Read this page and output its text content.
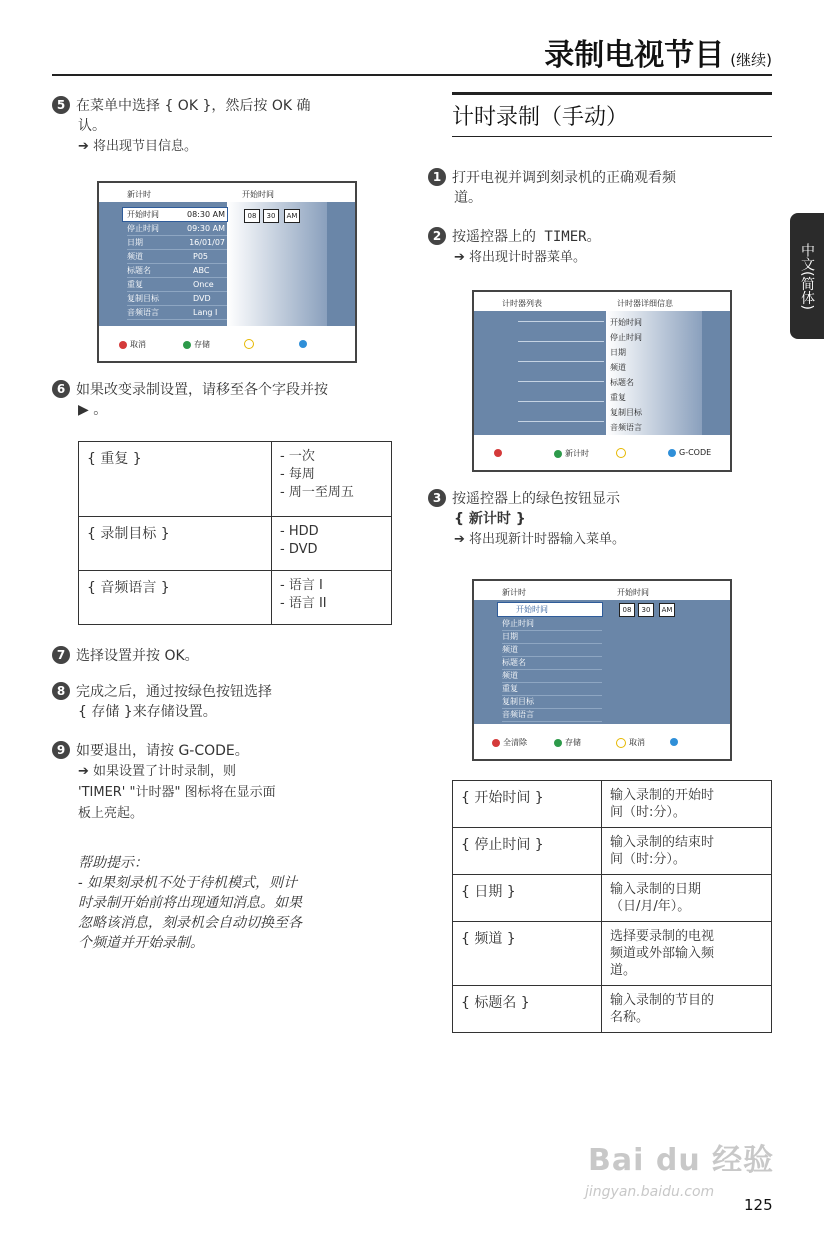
录制电视节目 (继续)
中文(简体)
5 在菜单中选择 { OK }，然后按 OK 确
认。
➔ 将出现节目信息。
新计时	开始时间
开始时间	08:30 AM
停止时间	09:30 AM
日期	16/01/07
频道	P05
标题名	ABC
重复	Once
复制目标	DVD
音频语言	Lang I
08	30	AM
取消	存储
6 如果改变录制设置，请移至各个字段并按
▶ 。
{ 重复 }	- 一次
- 每周
- 周一至周五

{ 录制目标 }	- HDD
- DVD

{ 音频语言 }	- 语言 I
- 语言 II
7 选择设置并按 OK。
8 完成之后，通过按绿色按钮选择
{ 存储 }来存储设置。
9 如要退出，请按 G-CODE。
➔ 如果设置了计时录制，则
'TIMER' "计时器" 图标将在显示面
板上亮起。
帮助提示：
- 如果刻录机不处于待机模式，则计
时录制开始前将出现通知消息。如果
忽略该消息，刻录机会自动切换至各
个频道并开始录制。
计时录制（手动）
1 打开电视并调到刻录机的正确观看频
道。
2 按遥控器上的 TIMER。
➔ 将出现计时器菜单。
计时器列表	计时器详细信息
开始时间
停止时间
日期
频道
标题名
重复
复制目标
音频语言
新计时	G-CODE
3 按遥控器上的绿色按钮显示
{ 新计时 }
➔ 将出现新计时器输入菜单。
新计时	开始时间
开始时间
停止时间
日期
频道
标题名
频道
重复
复制目标
音频语言
08	30	AM
全清除	存储	取消
{ 开始时间 }	输入录制的开始时
间（时:分）。

{ 停止时间 }	输入录制的结束时
间（时:分）。

{ 日期 }	输入录制的日期
（日/月/年）。

{ 频道 }	选择要录制的电视
频道或外部输入频
道。

{ 标题名 }	输入录制的节目的
名称。
Bai du 经验
jingyan.baidu.com
125
